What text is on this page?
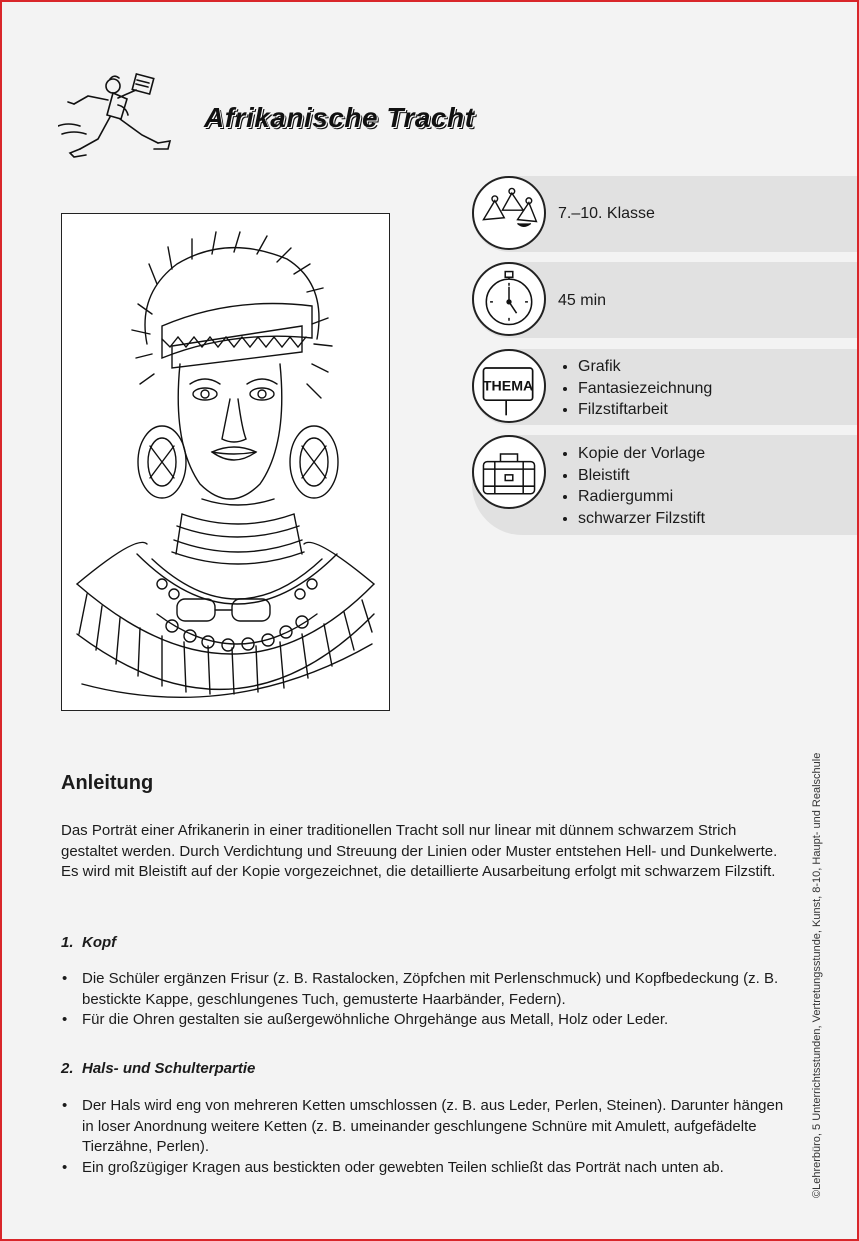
Afrikanische Tracht
7.–10. Klasse
45 min
THEMA
• Grafik
• Fantasiezeichnung
• Filzstiftarbeit
• Kopie der Vorlage
• Bleistift
• Radiergummi
• schwarzer Filzstift
Anleitung
Das Porträt einer Afrikanerin in einer traditionellen Tracht soll nur linear mit dünnem schwarzem Strich gestaltet werden. Durch Verdichtung und Streuung der Linien oder Muster entstehen Hell- und Dunkelwerte. Es wird mit Bleistift auf der Kopie vorgezeichnet, die detaillierte Ausarbeitung erfolgt mit schwarzem Filzstift.
1. Kopf
• Die Schüler ergänzen Frisur (z. B. Rastalocken, Zöpfchen mit Perlenschmuck) und Kopfbedeckung (z. B. bestickte Kappe, geschlungenes Tuch, gemusterte Haarbänder, Federn).
• Für die Ohren gestalten sie außergewöhnliche Ohrgehänge aus Metall, Holz oder Leder.
2. Hals- und Schulterpartie
• Der Hals wird eng von mehreren Ketten umschlossen (z. B. aus Leder, Perlen, Steinen). Darunter hängen in loser Anordnung weitere Ketten (z. B. umeinander geschlungene Schnüre mit Amulett, aufgefädelte Tierzähne, Perlen).
• Ein großzügiger Kragen aus bestickten oder gewebten Teilen schließt das Porträt nach unten ab.	©Lehrerbüro, 5 Unterrichtsstunden, Vertretungsstunde, Kunst, 8-10, Haupt- und Realschule
